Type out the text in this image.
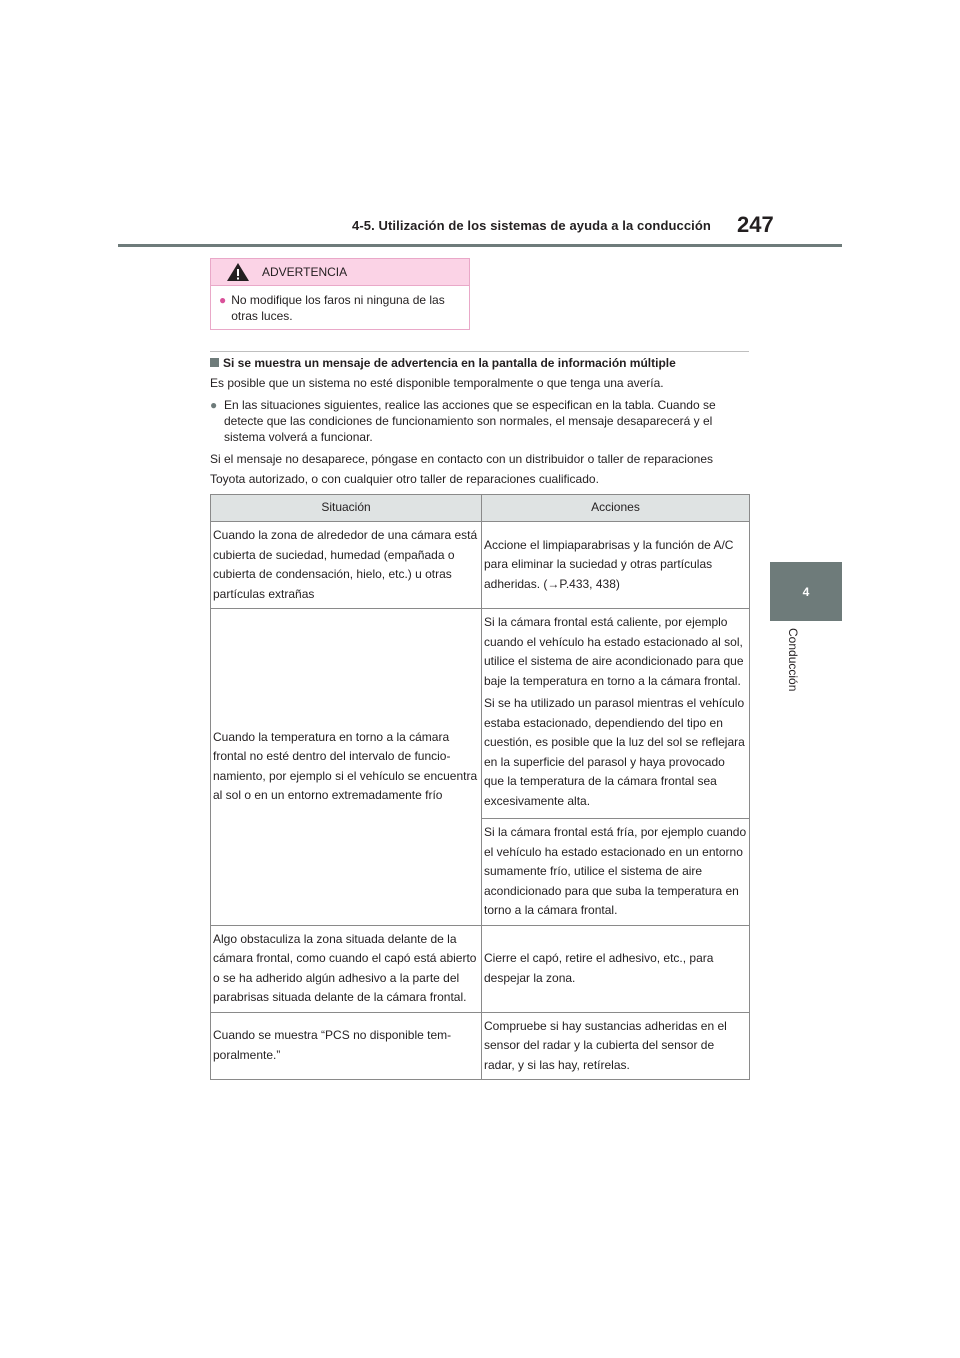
4-5. Utilización de los sistemas de ayuda a la conducción 247
4
Conducción
ADVERTENCIA
● No modifique los faros ni ninguna de las otras luces.
Si se muestra un mensaje de advertencia en la pantalla de información múltiple
Es posible que un sistema no esté disponible temporalmente o que tenga una avería.
● En las situaciones siguientes, realice las acciones que se especifican en la tabla. Cuando se detecte que las condiciones de funcionamiento son normales, el mensaje desaparecerá y el sistema volverá a funcionar.
Si el mensaje no desaparece, póngase en contacto con un distribuidor o taller de reparaciones Toyota autorizado, o con cualquier otro taller de reparaciones cualificado.
Situación	Acciones
Cuando la zona de alrededor de una cámara está cubierta de suciedad, humedad (empañada o cubierta de condensación, hielo, etc.) u otras partículas extrañas	Accione el limpiaparabrisas y la función de A/C para eliminar la suciedad y otras partículas adheridas. (→P.433, 438)
Cuando la temperatura en torno a la cámara frontal no esté dentro del intervalo de funcionamiento, por ejemplo si el vehículo se encuentra al sol o en un entorno extremadamente frío	Si la cámara frontal está caliente, por ejemplo cuando el vehículo ha estado estacionado al sol, utilice el sistema de aire acondicionado para que baje la temperatura en torno a la cámara frontal.

Si se ha utilizado un parasol mientras el vehículo estaba estacionado, dependiendo del tipo en cuestión, es posible que la luz del sol se reflejara en la superficie del parasol y haya provocado que la temperatura de la cámara frontal sea excesivamente alta.

	Si la cámara frontal está fría, por ejemplo cuando el vehículo ha estado estacionado en un entorno sumamente frío, utilice el sistema de aire acondicionado para que suba la temperatura en torno a la cámara frontal.
Algo obstaculiza la zona situada delante de la cámara frontal, como cuando el capó está abierto o se ha adherido algún adhesivo a la parte del parabrisas situada delante de la cámara frontal.	Cierre el capó, retire el adhesivo, etc., para despejar la zona.
Cuando se muestra “PCS no disponible temporalmente.”	Compruebe si hay sustancias adheridas en el sensor del radar y la cubierta del sensor de radar, y si las hay, retírelas.
